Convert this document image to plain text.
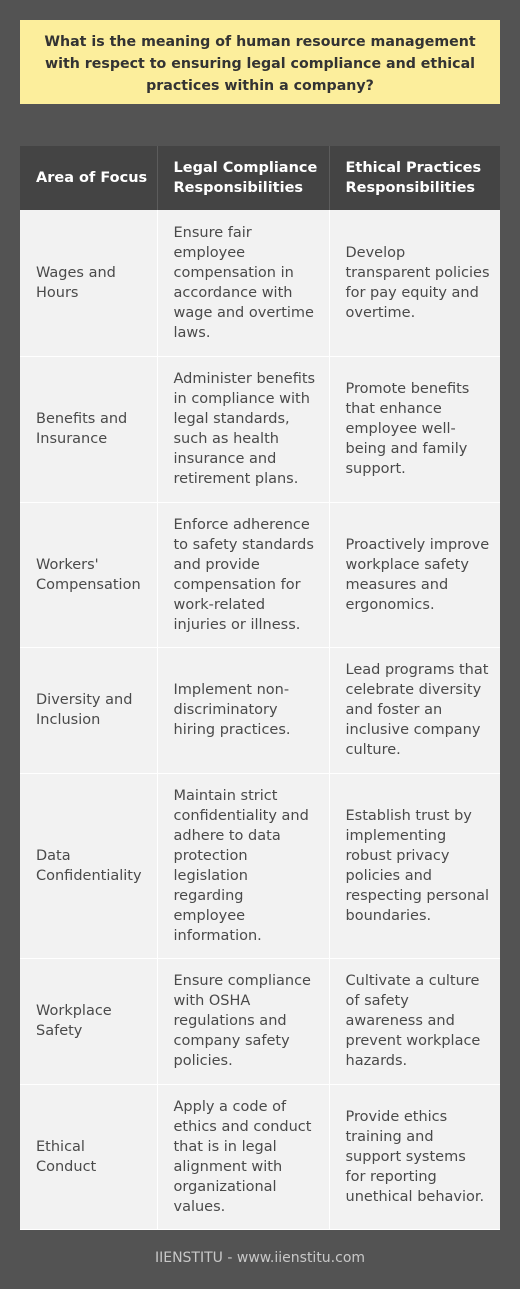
What is the meaning of human resource management with respect to ensuring legal compliance and ethical practices within a company?
Area of Focus	Legal Compliance Responsibilities	Ethical Practices Responsibilities
Wages and Hours	Ensure fair employee compensation in accordance with wage and overtime laws.	Develop transparent policies for pay equity and overtime.
Benefits and Insurance	Administer benefits in compliance with legal standards, such as health insurance and retirement plans.	Promote benefits that enhance employee well-being and family support.
Workers' Compensation	Enforce adherence to safety standards and provide compensation for work-related injuries or illness.	Proactively improve workplace safety measures and ergonomics.
Diversity and Inclusion	Implement non-discriminatory hiring practices.	Lead programs that celebrate diversity and foster an inclusive company culture.
Data Confidentiality	Maintain strict confidentiality and adhere to data protection legislation regarding employee information.	Establish trust by implementing robust privacy policies and respecting personal boundaries.
Workplace Safety	Ensure compliance with OSHA regulations and company safety policies.	Cultivate a culture of safety awareness and prevent workplace hazards.
Ethical Conduct	Apply a code of ethics and conduct that is in legal alignment with organizational values.	Provide ethics training and support systems for reporting unethical behavior.
IIENSTITU - www.iienstitu.com
